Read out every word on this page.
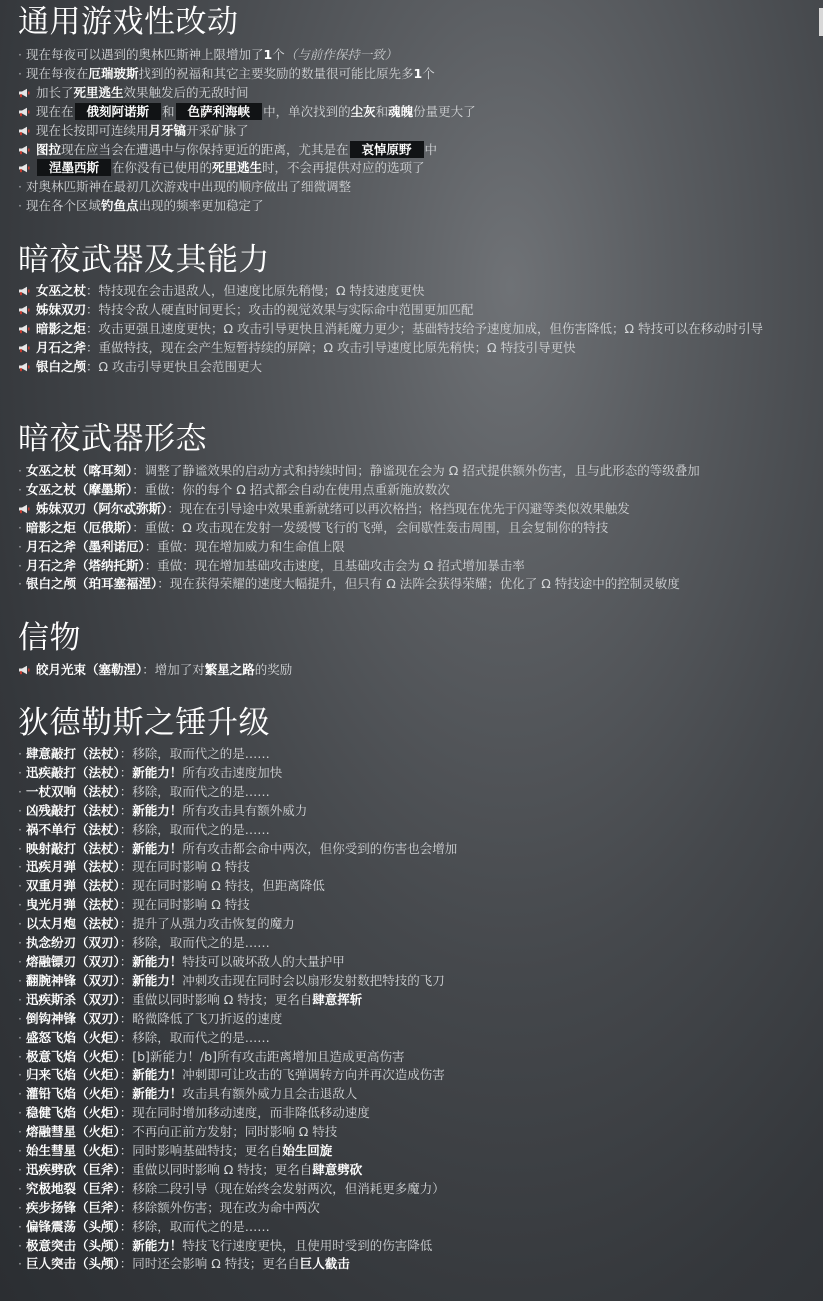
通用游戏性改动
· 现在每夜可以遇到的奥林匹斯神上限增加了1个（与前作保持一致）
· 现在每夜在厄瑞玻斯找到的祝福和其它主要奖励的数量很可能比原先多1个
加长了死里逃生效果触发后的无敌时间
现在在 俄刻阿诺斯 和 色萨利海峡 中，单次找到的尘灰和魂魄份量更大了
现在长按即可连续用月牙镐开采矿脉了
图拉现在应当会在遭遇中与你保持更近的距离，尤其是在 哀悼原野 中
涅墨西斯 在你没有已使用的死里逃生时，不会再提供对应的选项了
· 对奥林匹斯神在最初几次游戏中出现的顺序做出了细微调整
· 现在各个区域钓鱼点出现的频率更加稳定了
暗夜武器及其能力
女巫之杖：特技现在会击退敌人，但速度比原先稍慢；Ω 特技速度更快
姊妹双刃：特技令敌人硬直时间更长；攻击的视觉效果与实际命中范围更加匹配
暗影之炬：攻击更强且速度更快；Ω 攻击引导更快且消耗魔力更少；基础特技给予速度加成，但伤害降低；Ω 特技可以在移动时引导
月石之斧：重做特技，现在会产生短暂持续的屏障；Ω 攻击引导速度比原先稍快；Ω 特技引导更快
银白之颅：Ω 攻击引导更快且会范围更大
暗夜武器形态
· 女巫之杖（喀耳刻）：调整了静谧效果的启动方式和持续时间；静谧现在会为 Ω 招式提供额外伤害，且与此形态的等级叠加
· 女巫之杖（摩墨斯）：重做：你的每个 Ω 招式都会自动在使用点重新施放数次
姊妹双刃（阿尔忒弥斯）：现在在引导途中效果重新就绪可以再次格挡；格挡现在优先于闪避等类似效果触发
· 暗影之炬（厄俄斯）：重做：Ω 攻击现在发射一发缓慢飞行的飞弹，会间歇性轰击周围，且会复制你的特技
· 月石之斧（墨利诺厄）：重做：现在增加威力和生命值上限
· 月石之斧（塔纳托斯）：重做：现在增加基础攻击速度，且基础攻击会为 Ω 招式增加暴击率
· 银白之颅（珀耳塞福涅）：现在获得荣耀的速度大幅提升，但只有 Ω 法阵会获得荣耀；优化了 Ω 特技途中的控制灵敏度
信物
皎月光束（塞勒涅）：增加了对繁星之路的奖励
狄德勒斯之锤升级
· 肆意敲打（法杖）：移除，取而代之的是……
· 迅疾敲打（法杖）：新能力！所有攻击速度加快
· 一杖双响（法杖）：移除，取而代之的是……
· 凶残敲打（法杖）：新能力！所有攻击具有额外威力
· 祸不单行（法杖）：移除，取而代之的是……
· 映射敲打（法杖）：新能力！所有攻击都会命中两次，但你受到的伤害也会增加
· 迅疾月弹（法杖）：现在同时影响 Ω 特技
· 双重月弹（法杖）：现在同时影响 Ω 特技，但距离降低
· 曳光月弹（法杖）：现在同时影响 Ω 特技
· 以太月炮（法杖）：提升了从强力攻击恢复的魔力
· 执念纷刃（双刃）：移除，取而代之的是……
· 熔融镖刃（双刃）：新能力！特技可以破坏敌人的大量护甲
· 翻腕神锋（双刃）：新能力！冲刺攻击现在同时会以扇形发射数把特技的飞刀
· 迅疾斯杀（双刃）：重做以同时影响 Ω 特技；更名自肆意挥斩
· 倒钩神锋（双刃）：略微降低了飞刀折返的速度
· 盛怒飞焰（火炬）：移除，取而代之的是……
· 极意飞焰（火炬）：[b]新能力！/b]所有攻击距离增加且造成更高伤害
· 归来飞焰（火炬）：新能力！冲刺即可让攻击的飞弹调转方向并再次造成伤害
· 灌铅飞焰（火炬）：新能力！攻击具有额外威力且会击退敌人
· 稳健飞焰（火炬）：现在同时增加移动速度，而非降低移动速度
· 熔融彗星（火炬）：不再向正前方发射；同时影响 Ω 特技
· 始生彗星（火炬）：同时影响基础特技；更名自始生回旋
· 迅疾劈砍（巨斧）：重做以同时影响 Ω 特技；更名自肆意劈砍
· 究极地裂（巨斧）：移除二段引导（现在始终会发射两次，但消耗更多魔力）
· 疾步扬锋（巨斧）：移除额外伤害；现在改为命中两次
· 偏锋震荡（头颅）：移除，取而代之的是……
· 极意突击（头颅）：新能力！特技飞行速度更快，且使用时受到的伤害降低
· 巨人突击（头颅）：同时还会影响 Ω 特技；更名自巨人截击
